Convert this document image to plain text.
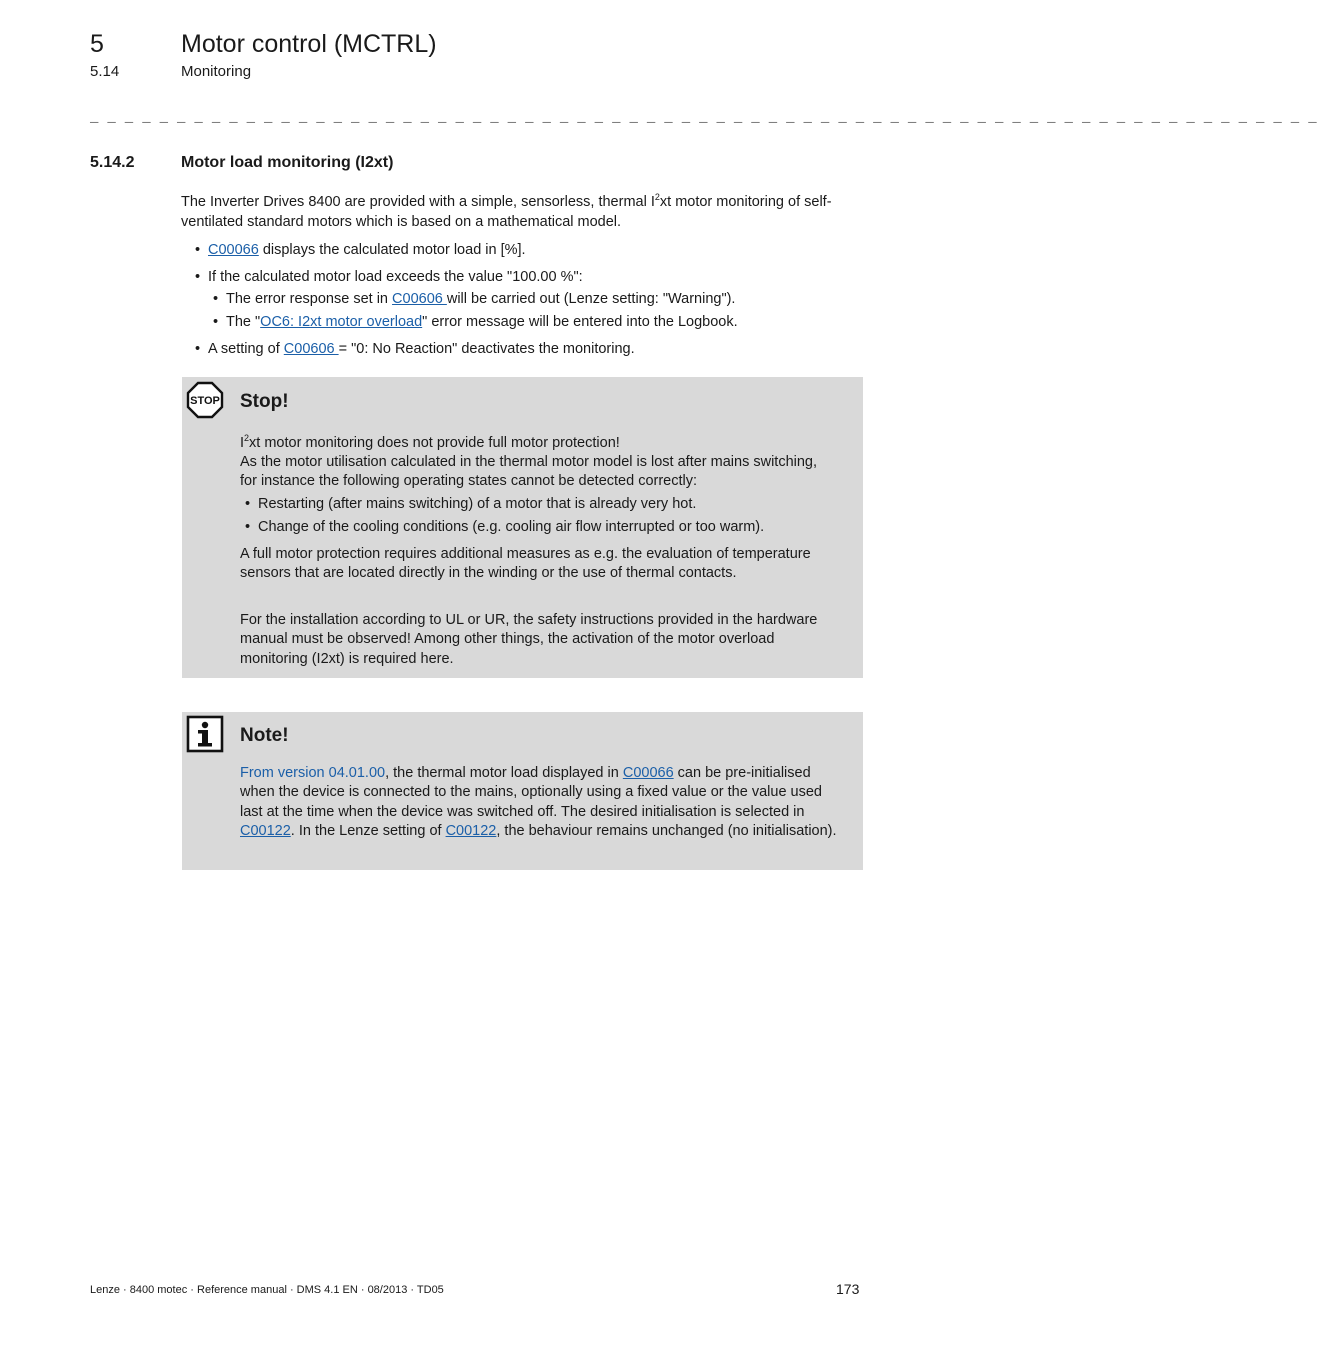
5	Motor control (MCTRL)
5.14	Monitoring
_ _ _ _ _ _ _ _ _ _ _ _ _ _ _ _ _ _ _ _ _ _ _ _ _ _ _ _ _ _ _ _ _ _ _ _ _ _ _ _ _ _ _ _ _ _ _ _ _ _ _ _ _ _ _ _ _ _ _ _ _ _ _ _ _ _ _ _ _ _ _
5.14.2	Motor load monitoring (I2xt)
The Inverter Drives 8400 are provided with a simple, sensorless, thermal $I^2xt$ motor monitoring of self-ventilated standard motors which is based on a mathematical model.
• C00066 displays the calculated motor load in [%].
• If the calculated motor load exceeds the value "100.00 %":
• The error response set in C00606 will be carried out (Lenze setting: "Warning").
• The "OC6: I2xt motor overload" error message will be entered into the Logbook.
• A setting of C00606 = "0: No Reaction" deactivates the monitoring.
STOP Stop!
$I^2xt$ motor monitoring does not provide full motor protection!
As the motor utilisation calculated in the thermal motor model is lost after mains switching, for instance the following operating states cannot be detected correctly:
• Restarting (after mains switching) of a motor that is already very hot.
• Change of the cooling conditions (e.g. cooling air flow interrupted or too warm).
A full motor protection requires additional measures as e.g. the evaluation of temperature sensors that are located directly in the winding or the use of thermal contacts.
For the installation according to UL or UR, the safety instructions provided in the hardware manual must be observed! Among other things, the activation of the motor overload monitoring (I2xt) is required here.
Note!
From version 04.01.00, the thermal motor load displayed in C00066 can be pre-initialised when the device is connected to the mains, optionally using a fixed value or the value used last at the time when the device was switched off. The desired initialisation is selected in C00122. In the Lenze setting of C00122, the behaviour remains unchanged (no initialisation).
Lenze · 8400 motec · Reference manual · DMS 4.1 EN · 08/2013 · TD05	173
